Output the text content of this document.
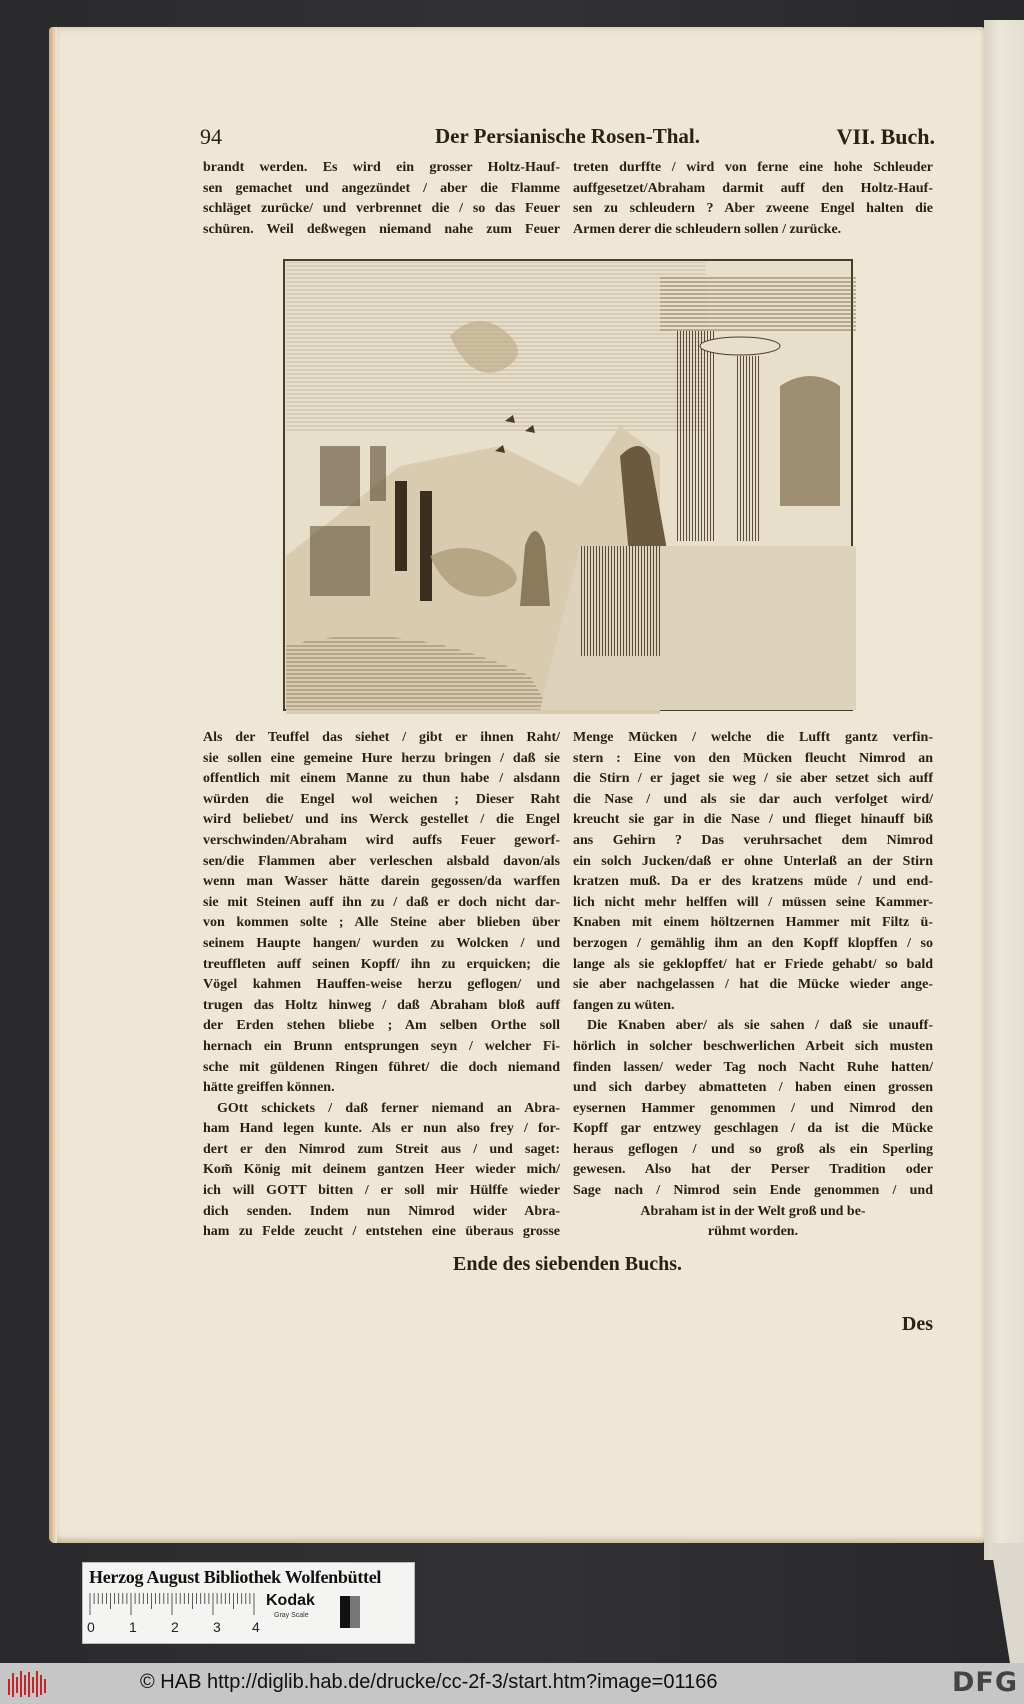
94	Der Persianische Rosen-Thal.	VII. Buch.
brandt werden. Es wird ein grosser Holtz-Hauf-
sen gemachet und angezündet / aber die Flamme
schläget zurücke/ und verbrennet die / so das Feuer
schüren. Weil deßwegen niemand nahe zum Feuer
treten durffte / wird von ferne eine hohe Schleuder
auffgesetzet/Abraham darmit auff den Holtz-Hauf-
sen zu schleudern ? Aber zweene Engel halten die
Armen derer die schleudern sollen / zurücke.
Als der Teuffel das siehet / gibt er ihnen Raht/
sie sollen eine gemeine Hure herzu bringen / daß sie
offentlich mit einem Manne zu thun habe / alsdann
würden die Engel wol weichen ; Dieser Raht
wird beliebet/ und ins Werck gestellet / die Engel
verschwinden/Abraham wird auffs Feuer geworf-
sen/die Flammen aber verleschen alsbald davon/als
wenn man Wasser hätte darein gegossen/da warffen
sie mit Steinen auff ihn zu / daß er doch nicht dar-
von kommen solte ; Alle Steine aber blieben über
seinem Haupte hangen/ wurden zu Wolcken / und
treuffleten auff seinen Kopff/ ihn zu erquicken; die
Vögel kahmen Hauffen-weise herzu geflogen/ und
trugen das Holtz hinweg / daß Abraham bloß auff
der Erden stehen bliebe ; Am selben Orthe soll
hernach ein Brunn entsprungen seyn / welcher Fi-
sche mit güldenen Ringen führet/ die doch niemand
hätte greiffen können.
GOtt schickets / daß ferner niemand an Abra-
ham Hand legen kunte. Als er nun also frey / for-
dert er den Nimrod zum Streit aus / und saget:
Kom̃ König mit deinem gantzen Heer wieder mich/
ich will GOTT bitten / er soll mir Hülffe wieder
dich senden. Indem nun Nimrod wider Abra-
ham zu Felde zeucht / entstehen eine überaus grosse
Menge Mücken / welche die Lufft gantz verfin-
stern : Eine von den Mücken fleucht Nimrod an
die Stirn / er jaget sie weg / sie aber setzet sich auff
die Nase / und als sie dar auch verfolget wird/
kreucht sie gar in die Nase / und flieget hinauff biß
ans Gehirn ? Das veruhrsachet dem Nimrod
ein solch Jucken/daß er ohne Unterlaß an der Stirn
kratzen muß. Da er des kratzens müde / und end-
lich nicht mehr helffen will / müssen seine Kammer-
Knaben mit einem höltzernen Hammer mit Filtz ü-
berzogen / gemählig ihm an den Kopff klopffen / so
lange als sie geklopffet/ hat er Friede gehabt/ so bald
sie aber nachgelassen / hat die Mücke wieder ange-
fangen zu wüten.
Die Knaben aber/ als sie sahen / daß sie unauff-
hörlich in solcher beschwerlichen Arbeit sich musten
finden lassen/ weder Tag noch Nacht Ruhe hatten/
und sich darbey abmatteten / haben einen grossen
eysernen Hammer genommen / und Nimrod den
Kopff gar entzwey geschlagen / da ist die Mücke
heraus geflogen / und so groß als ein Sperling
gewesen. Also hat der Perser Tradition oder
Sage nach / Nimrod sein Ende genommen / und
Abraham ist in der Welt groß und be-
rühmt worden.
Ende des siebenden Buchs.
Des
Herzog August Bibliothek Wolfenbüttel
0 1 2 3 4
Kodak
Gray Scale
© HAB http://diglib.hab.de/drucke/cc-2f-3/start.htm?image=01166	DFG
